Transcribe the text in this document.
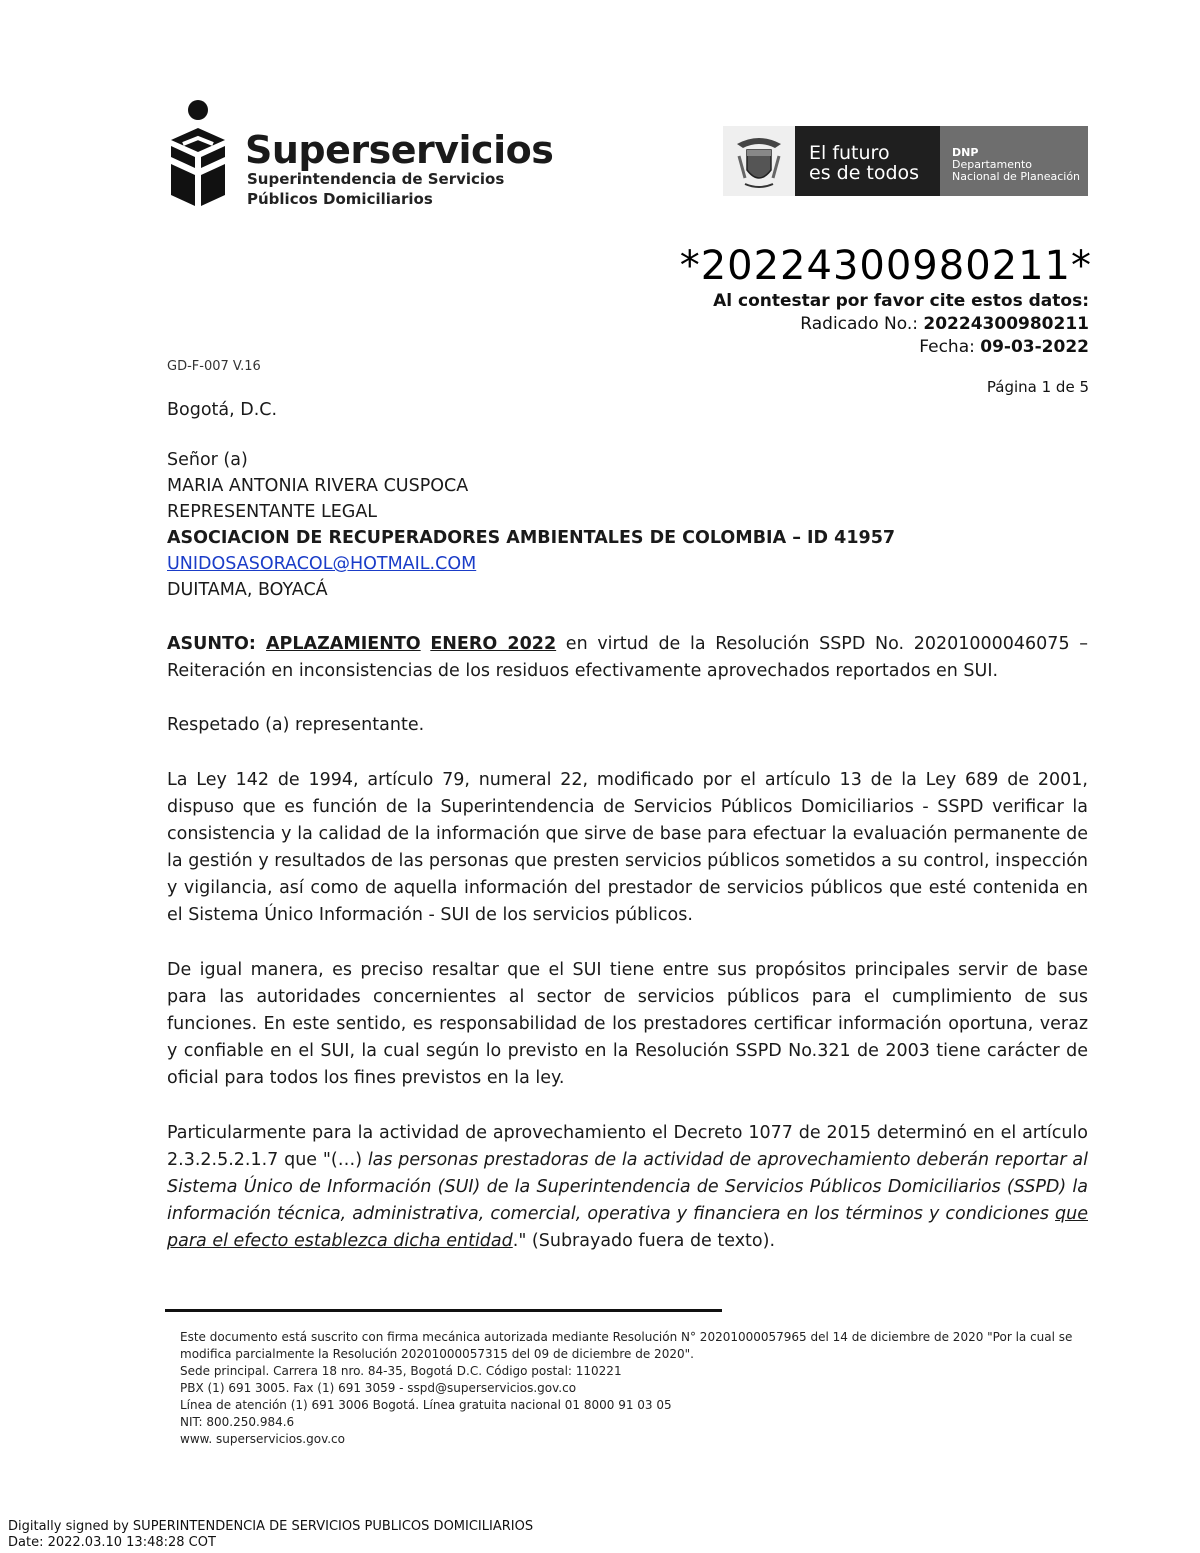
Superservicios
Superintendencia de Servicios
Públicos Domiciliarios
El futuro
es de todos
DNP
Departamento
Nacional de Planeación
*20224300980211*
Al contestar por favor cite estos datos:
Radicado No.: 20224300980211
Fecha: 09-03-2022
Página 1 de 5
GD-F-007 V.16
Bogotá, D.C.
Señor (a)
MARIA ANTONIA RIVERA CUSPOCA
REPRESENTANTE LEGAL
ASOCIACION DE RECUPERADORES AMBIENTALES DE COLOMBIA – ID 41957
UNIDOSASORACOL@HOTMAIL.COM
DUITAMA, BOYACÁ
ASUNTO: APLAZAMIENTO ENERO 2022 en virtud de la Resolución SSPD No. 20201000046075 – Reiteración en inconsistencias de los residuos efectivamente aprovechados reportados en SUI.
Respetado (a) representante.
La Ley 142 de 1994, artículo 79, numeral 22, modificado por el artículo 13 de la Ley 689 de 2001, dispuso que es función de la Superintendencia de Servicios Públicos Domiciliarios - SSPD verificar la consistencia y la calidad de la información que sirve de base para efectuar la evaluación permanente de la gestión y resultados de las personas que presten servicios públicos sometidos a su control, inspección y vigilancia, así como de aquella información del prestador de servicios públicos que esté contenida en el Sistema Único Información - SUI de los servicios públicos.
De igual manera, es preciso resaltar que el SUI tiene entre sus propósitos principales servir de base para las autoridades concernientes al sector de servicios públicos para el cumplimiento de sus funciones. En este sentido, es responsabilidad de los prestadores certificar información oportuna, veraz y confiable en el SUI, la cual según lo previsto en la Resolución SSPD No.321 de 2003 tiene carácter de oficial para todos los fines previstos en la ley.
Particularmente para la actividad de aprovechamiento el Decreto 1077 de 2015 determinó en el artículo 2.3.2.5.2.1.7 que "(…) las personas prestadoras de la actividad de aprovechamiento deberán reportar al Sistema Único de Información (SUI) de la Superintendencia de Servicios Públicos Domiciliarios (SSPD) la información técnica, administrativa, comercial, operativa y financiera en los términos y condiciones que para el efecto establezca dicha entidad." (Subrayado fuera de texto).
Este documento está suscrito con firma mecánica autorizada mediante Resolución N° 20201000057965 del 14 de diciembre de 2020 "Por la cual se modifica parcialmente la Resolución 20201000057315 del 09 de diciembre de 2020".
Sede principal. Carrera 18 nro. 84-35, Bogotá D.C. Código postal: 110221
PBX (1) 691 3005. Fax (1) 691 3059 - sspd@superservicios.gov.co
Línea de atención (1) 691 3006 Bogotá. Línea gratuita nacional 01 8000 91 03 05
NIT: 800.250.984.6
www. superservicios.gov.co
Digitally signed by SUPERINTENDENCIA DE SERVICIOS PUBLICOS DOMICILIARIOS
Date: 2022.03.10 13:48:28 COT
